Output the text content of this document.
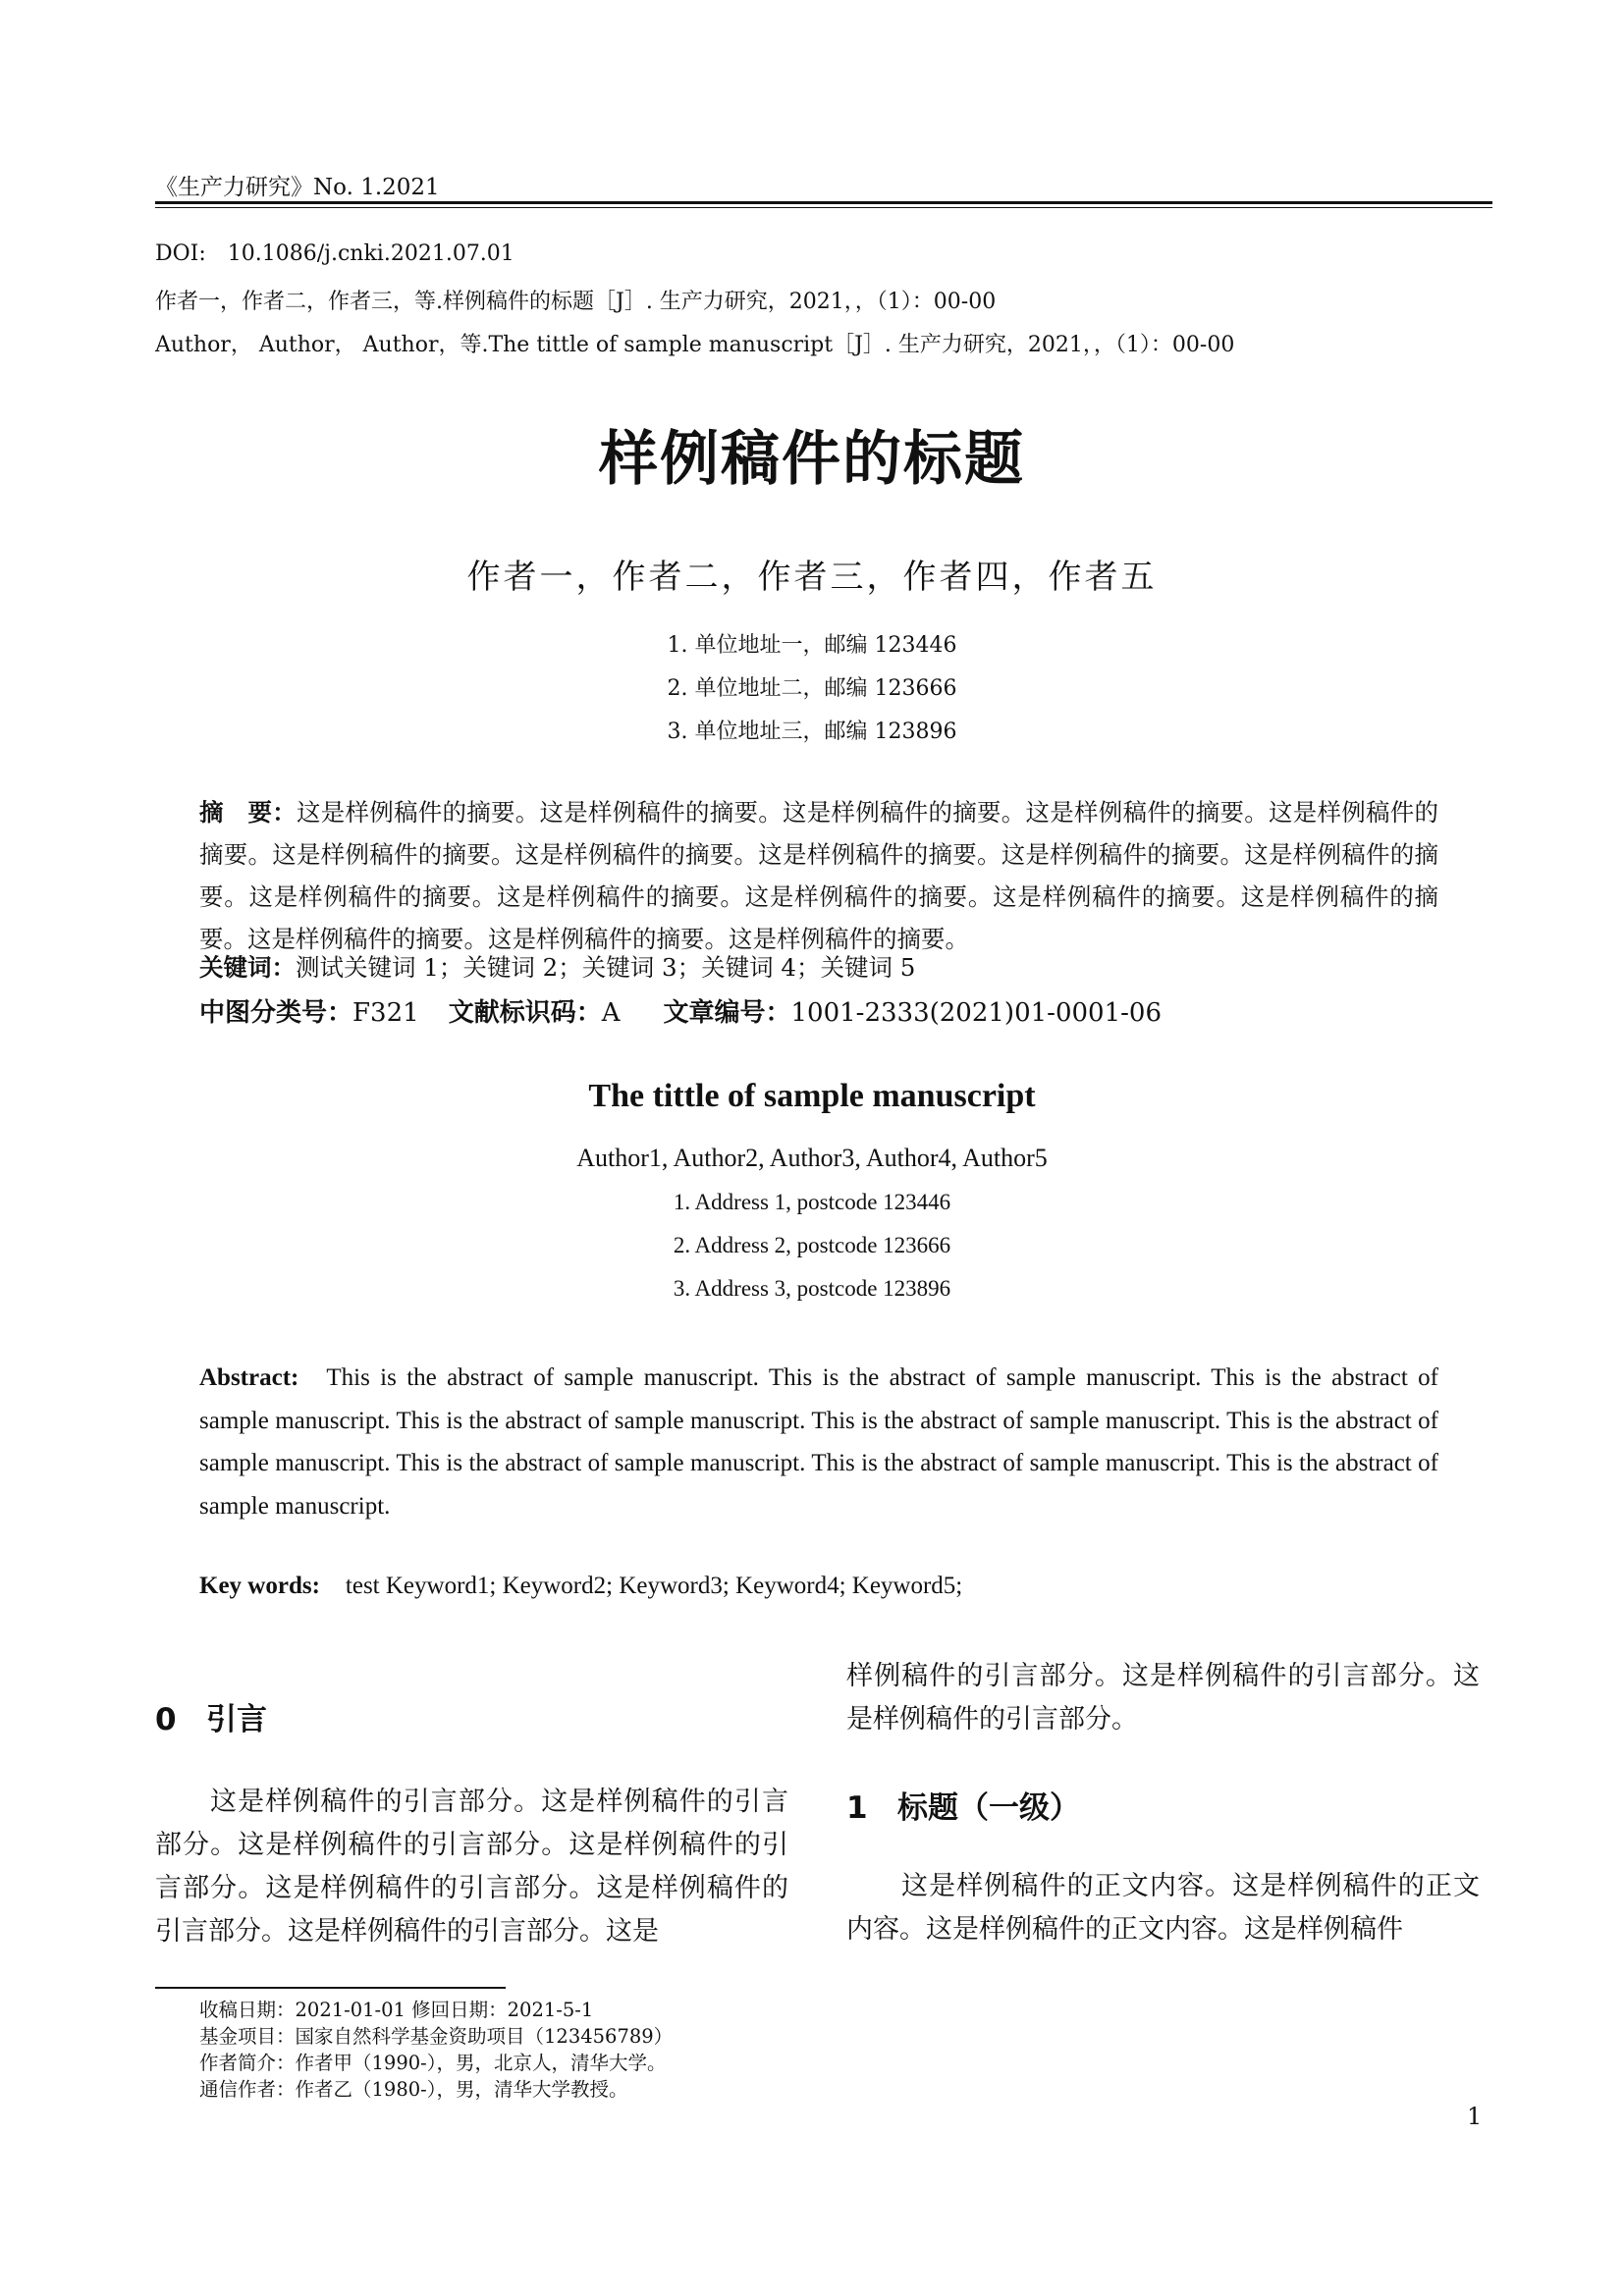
《生产力研究》No. 1.2021
DOI: 10.1086/j.cnki.2021.07.01
作者一，作者二，作者三，等.样例稿件的标题［J］. 生产力研究，2021，，（1）：00-00
Author， Author， Author，等.The tittle of sample manuscript［J］. 生产力研究，2021，，（1）：00-00
样例稿件的标题
作者一，作者二，作者三，作者四，作者五
1. 单位地址一，邮编 123446
2. 单位地址二，邮编 123666
3. 单位地址三，邮编 123896
摘　要：这是样例稿件的摘要。这是样例稿件的摘要。这是样例稿件的摘要。这是样例稿件的摘要。这是样例稿件的摘要。这是样例稿件的摘要。这是样例稿件的摘要。这是样例稿件的摘要。这是样例稿件的摘要。这是样例稿件的摘要。这是样例稿件的摘要。这是样例稿件的摘要。这是样例稿件的摘要。这是样例稿件的摘要。这是样例稿件的摘要。这是样例稿件的摘要。这是样例稿件的摘要。这是样例稿件的摘要。
关键词：测试关键词 1；关键词 2；关键词 3；关键词 4；关键词 5
中图分类号：F321 文献标识码：A 文章编号：1001-2333(2021)01-0001-06
The tittle of sample manuscript
Author1, Author2, Author3, Author4, Author5
1. Address 1, postcode 123446
2. Address 2, postcode 123666
3. Address 3, postcode 123896
Abstract: This is the abstract of sample manuscript. This is the abstract of sample manuscript. This is the abstract of sample manuscript. This is the abstract of sample manuscript. This is the abstract of sample manuscript. This is the abstract of sample manuscript. This is the abstract of sample manuscript. This is the abstract of sample manuscript. This is the abstract of sample manuscript.
Key words: test Keyword1; Keyword2; Keyword3; Keyword4; Keyword5;
0 引言
这是样例稿件的引言部分。这是样例稿件的引言部分。这是样例稿件的引言部分。这是样例稿件的引言部分。这是样例稿件的引言部分。这是样例稿件的引言部分。这是样例稿件的引言部分。这是
样例稿件的引言部分。这是样例稿件的引言部分。这是样例稿件的引言部分。
1 标题（一级）
这是样例稿件的正文内容。这是样例稿件的正文内容。这是样例稿件的正文内容。这是样例稿件
收稿日期：2021-01-01 修回日期：2021-5-1
基金项目：国家自然科学基金资助项目（123456789）
作者简介：作者甲（1990-），男，北京人，清华大学。
通信作者：作者乙（1980-），男，清华大学教授。
1
